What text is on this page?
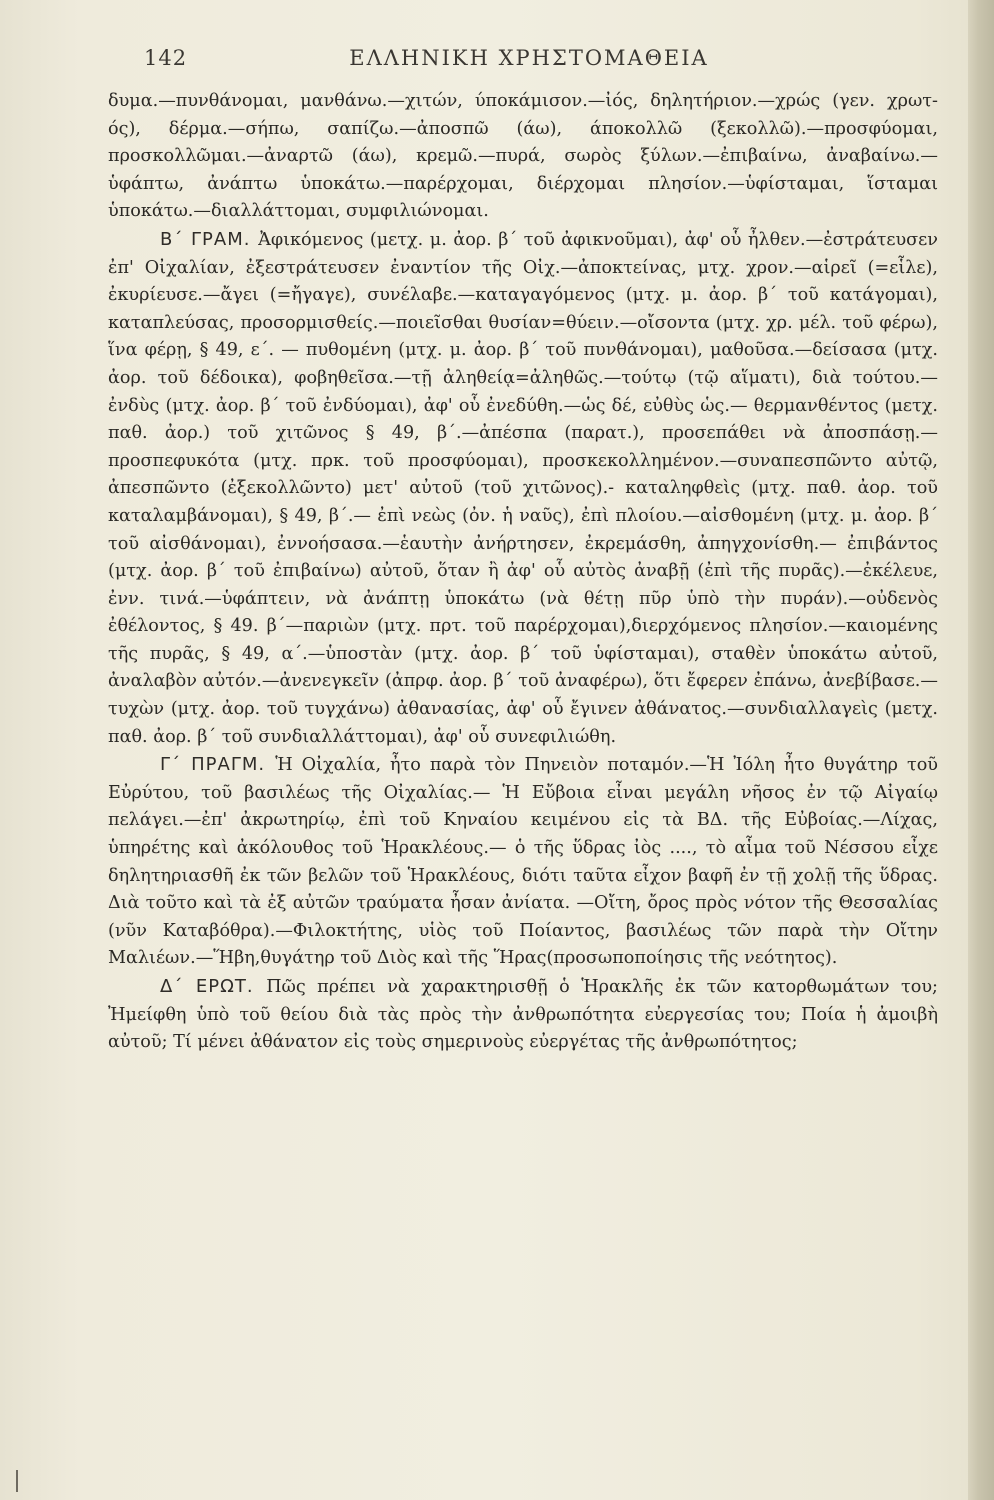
142	ΕΛΛΗΝΙΚΗ ΧΡΗΣΤΟΜΑΘΕΙΑ

δυμα.—πυνθάνομαι, μανθάνω.—χιτών, ύποκάμισον.—ἰός, δηλητήριον.—χρώς (γεν. χρωτ-ός), δέρμα.—σήπω, σαπίζω.—ἀποσπῶ (άω), άποκολλῶ (ξεκολλῶ).—προσφύομαι, προσκολλῶμαι.—ἀναρτῶ (άω), κρεμῶ.—πυρά, σωρὸς ξύλων.—ἐπιβαίνω, ἀναβαίνω.—ὑφάπτω, ἀνάπτω ὑποκάτω.—παρέρχομαι, διέρχομαι πλησίον.—ὑφίσταμαι, ἵσταμαι ὑποκάτω.—διαλλάττομαι, συμφιλιώνομαι.

Β΄ ΓΡΑΜ. Ἀφικόμενος (μετχ. μ. ἀορ. β΄ τοῦ ἀφικνοῦμαι), ἀφ' οὗ ἦλθεν.—ἐστράτευσεν ἐπ' Οἰχαλίαν, ἐξεστράτευσεν ἐναντίον τῆς Οἰχ.—ἀποκτείνας, μτχ. χρον.—αἱρεῖ (=εἷλε), ἐκυρίευσε.—ἄγει (=ἤγαγε), συνέλαβε.—καταγαγόμενος (μτχ. μ. ἀορ. β΄ τοῦ κατάγομαι), καταπλεύσας, προσορμισθείς.—ποιεῖσθαι θυσίαν=θύειν.—οἴσοντα (μτχ. χρ. μέλ. τοῦ φέρω), ἵνα φέρῃ, § 49, ε΄. — πυθομένη (μτχ. μ. ἀορ. β΄ τοῦ πυνθάνομαι), μαθοῦσα.—δείσασα (μτχ. ἀορ. τοῦ δέδοικα), φοβηθεῖσα.—τῇ ἀληθείᾳ=ἀληθῶς.—τούτῳ (τῷ αἵματι), διὰ τούτου.—ἐνδὺς (μτχ. ἀορ. β΄ τοῦ ἐνδύομαι), ἀφ' οὗ ἐνεδύθη.—ὡς δέ, εὐθὺς ὡς.— θερμανθέντος (μετχ. παθ. ἀορ.) τοῦ χιτῶνος § 49, β΄.—ἀπέσπα (παρατ.), προσεπάθει νὰ ἀποσπάσῃ.—προσπεφυκότα (μτχ. πρκ. τοῦ προσφύομαι), προσκεκολλημένον.—συναπεσπῶντο αὐτῷ, ἀπεσπῶντο (ἐξεκολλῶντο) μετ' αὐτοῦ (τοῦ χιτῶνος).- καταληφθεὶς (μτχ. παθ. ἀορ. τοῦ καταλαμβάνομαι), § 49, β΄.— ἐπὶ νεὼς (ὀν. ἡ ναῦς), ἐπὶ πλοίου.—αἰσθομένη (μτχ. μ. ἀορ. β΄ τοῦ αἰσθάνομαι), ἐννοήσασα.—ἑαυτὴν ἀνήρτησεν, ἐκρεμάσθη, ἀπηγχονίσθη.— ἐπιβάντος (μτχ. ἀορ. β΄ τοῦ ἐπιβαίνω) αὐτοῦ, ὅταν ἢ ἀφ' οὗ αὐτὸς ἀναβῇ (ἐπὶ τῆς πυρᾶς).—ἐκέλευε, ἐνν. τινά.—ὑφάπτειν, νὰ ἀνάπτῃ ὑποκάτω (νὰ θέτῃ πῦρ ὑπὸ τὴν πυράν).—οὐδενὸς ἐθέλοντος, § 49. β΄—παριὼν (μτχ. πρτ. τοῦ παρέρχομαι),διερχόμενος πλησίον.—καιομένης τῆς πυρᾶς, § 49, α΄.—ὑποστὰν (μτχ. ἀορ. β΄ τοῦ ὑφίσταμαι), σταθὲν ὑποκάτω αὐτοῦ, ἀναλαβὸν αὐτόν.—ἀνενεγκεῖν (ἀπρφ. ἀορ. β΄ τοῦ ἀναφέρω), ὅτι ἔφερεν ἐπάνω, ἀνεβίβασε.—τυχὼν (μτχ. ἀορ. τοῦ τυγχάνω) ἀθανασίας, ἀφ' οὗ ἔγινεν ἀθάνατος.—συνδιαλλαγεὶς (μετχ. παθ. ἀορ. β΄ τοῦ συνδιαλλάττομαι), ἀφ' οὗ συνεφιλιώθη.

Γ΄ ΠΡΑΓΜ. Ἡ Οἰχαλία, ἦτο παρὰ τὸν Πηνειὸν ποταμόν.—Ἡ Ἰόλη ἦτο θυγάτηρ τοῦ Εὐρύτου, τοῦ βασιλέως τῆς Οἰχαλίας.— Ἡ Εὔβοια εἶναι μεγάλη νῆσος ἐν τῷ Αἰγαίῳ πελάγει.—ἐπ' ἀκρωτηρίῳ, ἐπὶ τοῦ Κηναίου κειμένου εἰς τὰ ΒΔ. τῆς Εὐβοίας.—Λίχας, ὑπηρέτης καὶ ἀκόλουθος τοῦ Ἡρακλέους.— ὁ τῆς ὕδρας ἰὸς ...., τὸ αἷμα τοῦ Νέσσου εἶχε δηλητηριασθῆ ἐκ τῶν βελῶν τοῦ Ἡρακλέους, διότι ταῦτα εἶχον βαφῆ ἐν τῇ χολῇ τῆς ὕδρας. Διὰ τοῦτο καὶ τὰ ἐξ αὐτῶν τραύματα ἦσαν ἀνίατα. —Οἴτη, ὄρος πρὸς νότον τῆς Θεσσαλίας (νῦν Καταβόθρα).—Φιλοκτήτης, υἱὸς τοῦ Ποίαντος, βασιλέως τῶν παρὰ τὴν Οἴτην Μαλιέων.—Ἥβη,θυγάτηρ τοῦ Διὸς καὶ τῆς Ἥρας(προσωποποίησις τῆς νεότητος).

Δ΄ ΕΡΩΤ. Πῶς πρέπει νὰ χαρακτηρισθῇ ὁ Ἡρακλῆς ἐκ τῶν κατορθωμάτων του; Ἠμείφθη ὑπὸ τοῦ θείου διὰ τὰς πρὸς τὴν ἀνθρωπότητα εὐεργεσίας του; Ποία ἡ ἀμοιβὴ αὐτοῦ; Τί μένει ἀθάνατον εἰς τοὺς σημερινοὺς εὐεργέτας τῆς ἀνθρωπότητος;
